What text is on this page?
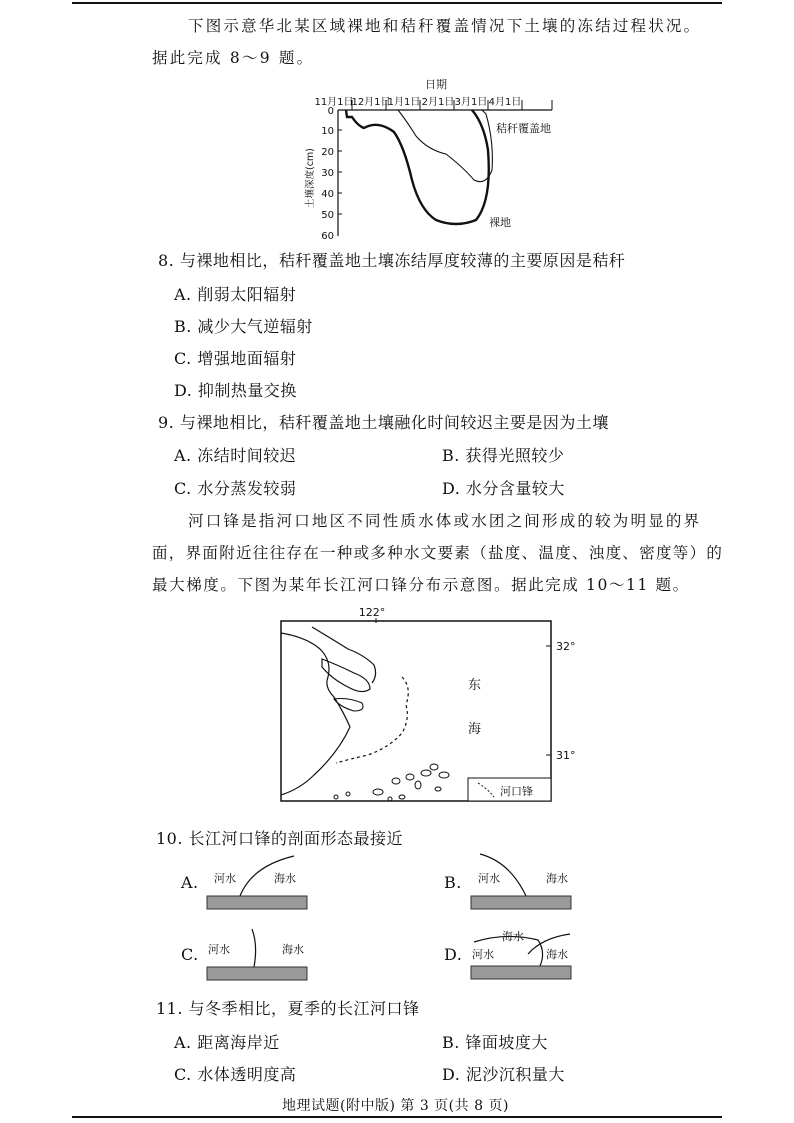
下图示意华北某区域裸地和秸秆覆盖情况下土壤的冻结过程状况。
据此完成 8～9 题。
日期
11月1日
12月1日
1月1日 2月1日 3月1日 4月1日
0
10
20
30
40
50
60
土壤深度(cm)
秸秆覆盖地
裸地
8. 与裸地相比，秸秆覆盖地土壤冻结厚度较薄的主要原因是秸秆
A. 削弱太阳辐射
B. 减少大气逆辐射
C. 增强地面辐射
D. 抑制热量交换
9. 与裸地相比，秸秆覆盖地土壤融化时间较迟主要是因为土壤
A. 冻结时间较迟	B. 获得光照较少
C. 水分蒸发较弱	D. 水分含量较大
河口锋是指河口地区不同性质水体或水团之间形成的较为明显的界
面，界面附近往往存在一种或多种水文要素（盐度、温度、浊度、密度等）的
最大梯度。下图为某年长江河口锋分布示意图。据此完成 10～11 题。
122°
32°
31°
东
海
河口锋
10. 长江河口锋的剖面形态最接近
A. 河水	海水	B. 河水	海水
C. 河水	海水	D.
海水
河水	海水
11. 与冬季相比，夏季的长江河口锋
A. 距离海岸近	B. 锋面坡度大
C. 水体透明度高	D. 泥沙沉积量大
地理试题(附中版) 第 3 页(共 8 页)
